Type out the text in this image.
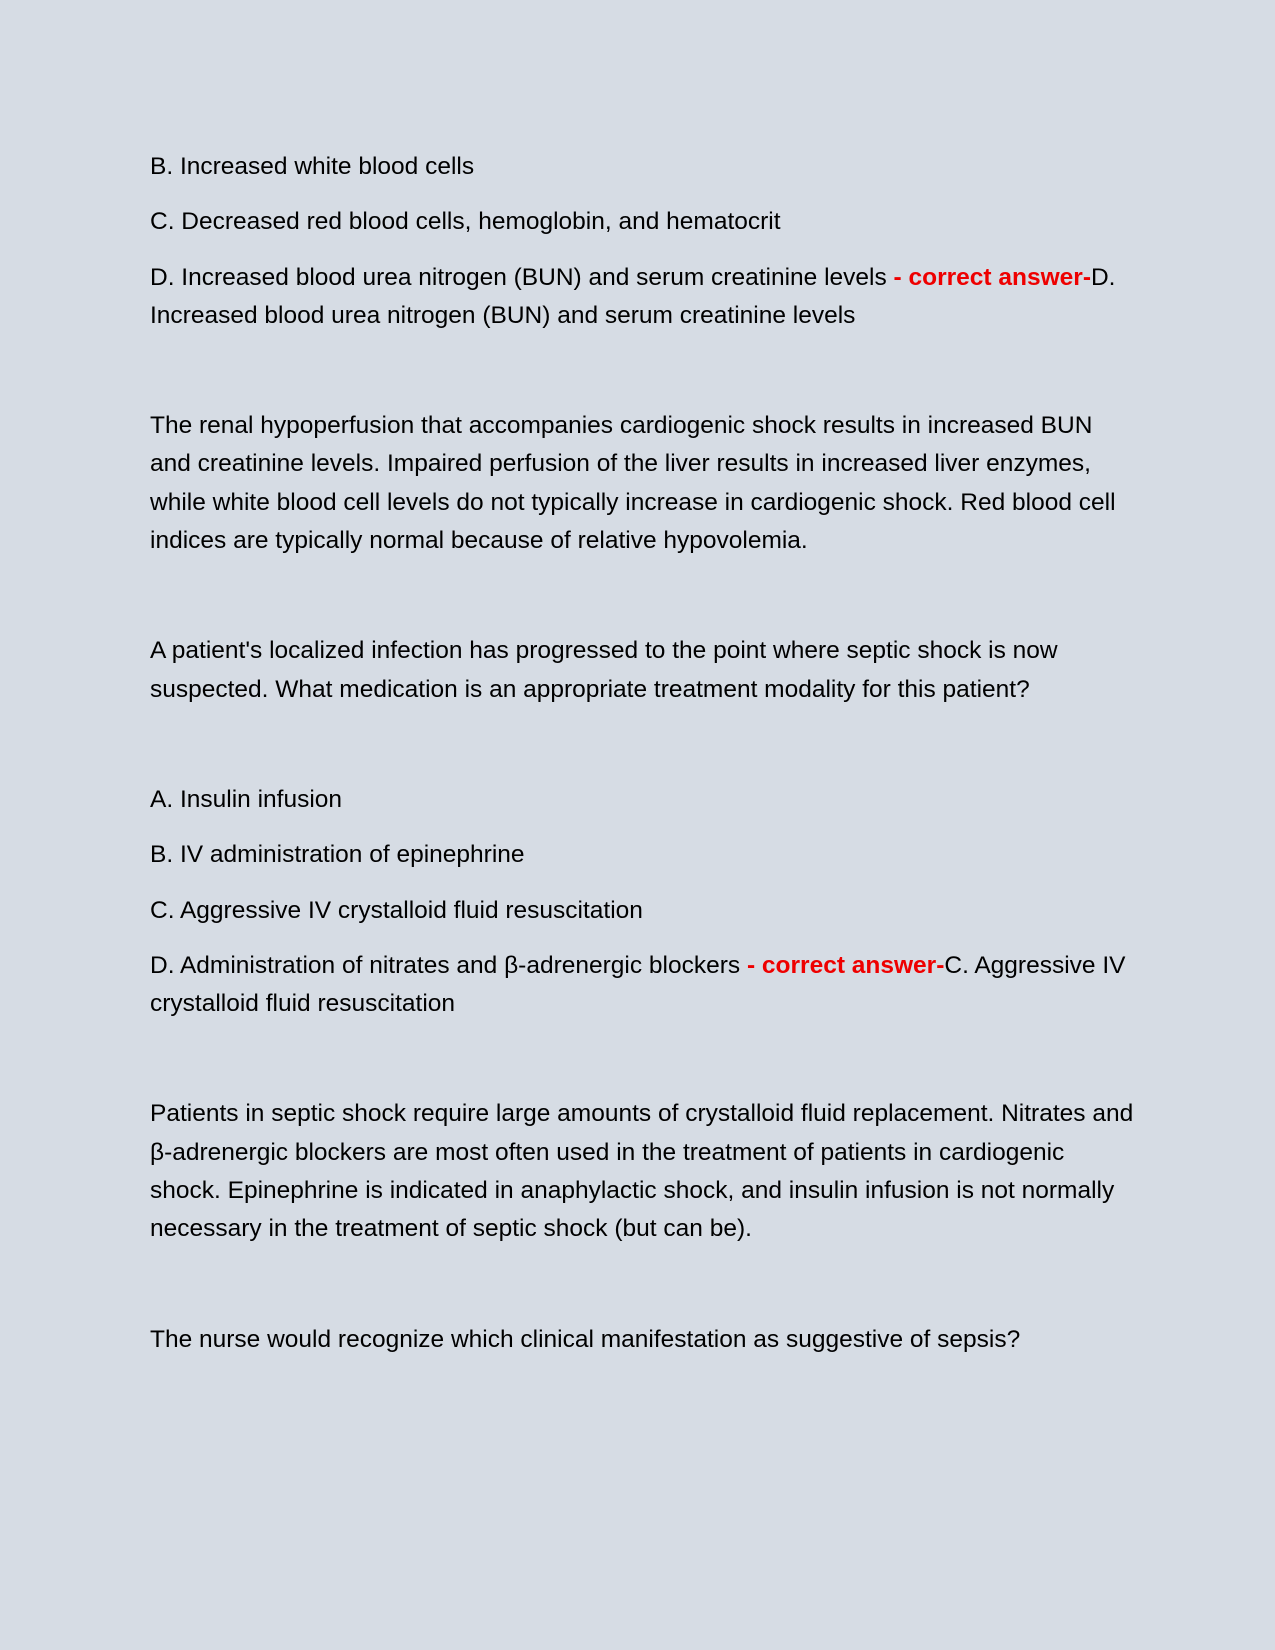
B. Increased white blood cells

C. Decreased red blood cells, hemoglobin, and hematocrit

D. Increased blood urea nitrogen (BUN) and serum creatinine levels - correct answer-D. Increased blood urea nitrogen (BUN) and serum creatinine levels

The renal hypoperfusion that accompanies cardiogenic shock results in increased BUN and creatinine levels. Impaired perfusion of the liver results in increased liver enzymes, while white blood cell levels do not typically increase in cardiogenic shock. Red blood cell indices are typically normal because of relative hypovolemia.

A patient's localized infection has progressed to the point where septic shock is now suspected. What medication is an appropriate treatment modality for this patient?

A. Insulin infusion

B. IV administration of epinephrine

C. Aggressive IV crystalloid fluid resuscitation

D. Administration of nitrates and β-adrenergic blockers - correct answer-C. Aggressive IV crystalloid fluid resuscitation

Patients in septic shock require large amounts of crystalloid fluid replacement. Nitrates and β-adrenergic blockers are most often used in the treatment of patients in cardiogenic shock. Epinephrine is indicated in anaphylactic shock, and insulin infusion is not normally necessary in the treatment of septic shock (but can be).

The nurse would recognize which clinical manifestation as suggestive of sepsis?
